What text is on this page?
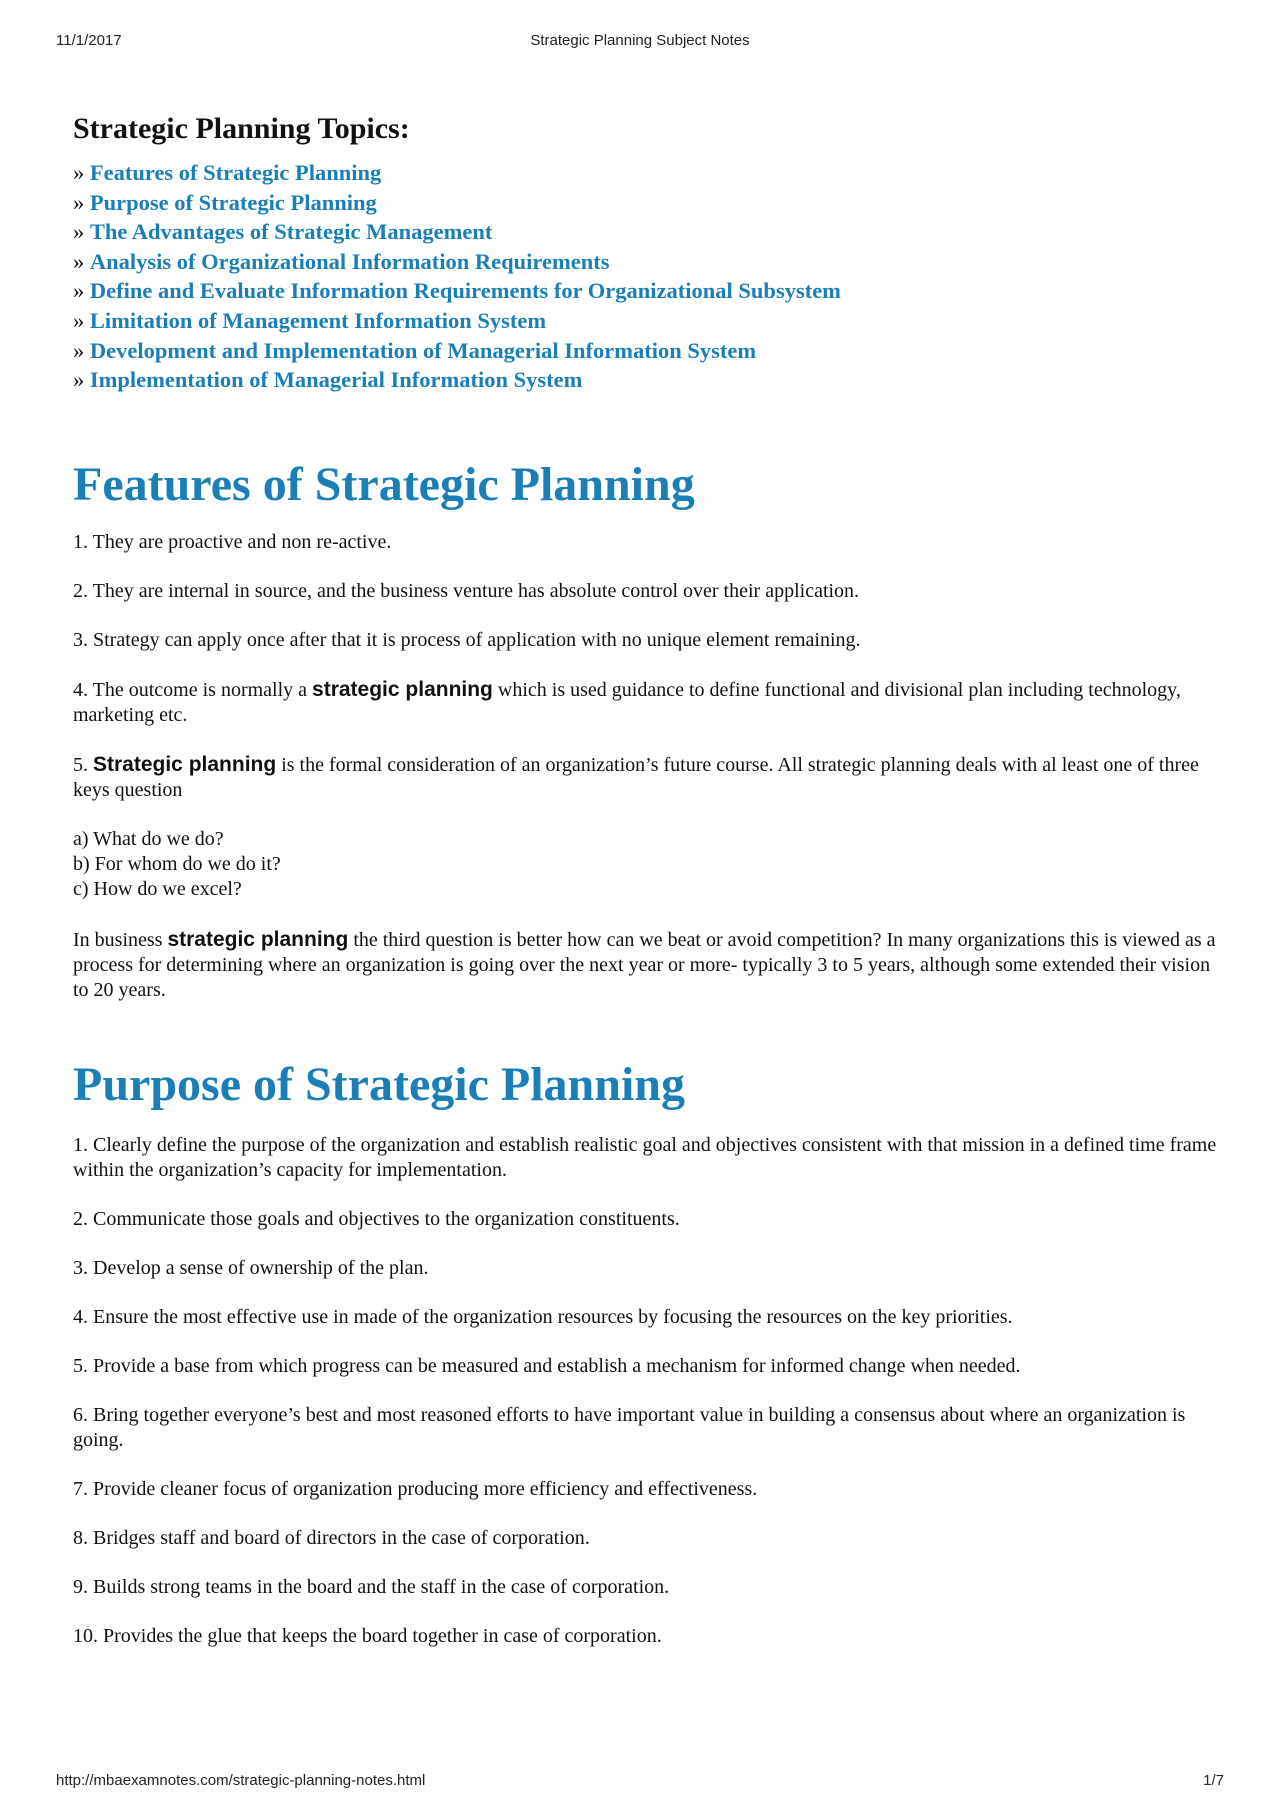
11/1/2017	Strategic Planning Subject Notes
Strategic Planning Topics:
» Features of Strategic Planning
» Purpose of Strategic Planning
» The Advantages of Strategic Management
» Analysis of Organizational Information Requirements
» Define and Evaluate Information Requirements for Organizational Subsystem
» Limitation of Management Information System
» Development and Implementation of Managerial Information System
» Implementation of Managerial Information System
Features of Strategic Planning

1. They are proactive and non re-active.

2. They are internal in source, and the business venture has absolute control over their application.

3. Strategy can apply once after that it is process of application with no unique element remaining.

4. The outcome is normally a strategic planning which is used guidance to define functional and divisional plan including technology, marketing etc.

5. Strategic planning is the formal consideration of an organization’s future course. All strategic planning deals with al least one of three keys question

a) What do we do?
b) For whom do we do it?
c) How do we excel?

In business strategic planning the third question is better how can we beat or avoid competition? In many organizations this is viewed as a process for determining where an organization is going over the next year or more- typically 3 to 5 years, although some extended their vision to 20 years.

Purpose of Strategic Planning

1. Clearly define the purpose of the organization and establish realistic goal and objectives consistent with that mission in a defined time frame within the organization’s capacity for implementation.

2. Communicate those goals and objectives to the organization constituents.

3. Develop a sense of ownership of the plan.

4. Ensure the most effective use in made of the organization resources by focusing the resources on the key priorities.

5. Provide a base from which progress can be measured and establish a mechanism for informed change when needed.

6. Bring together everyone’s best and most reasoned efforts to have important value in building a consensus about where an organization is going.

7. Provide cleaner focus of organization producing more efficiency and effectiveness.

8. Bridges staff and board of directors in the case of corporation.

9. Builds strong teams in the board and the staff in the case of corporation.

10. Provides the glue that keeps the board together in case of corporation.

http://mbaexamnotes.com/strategic-planning-notes.html	1/7
